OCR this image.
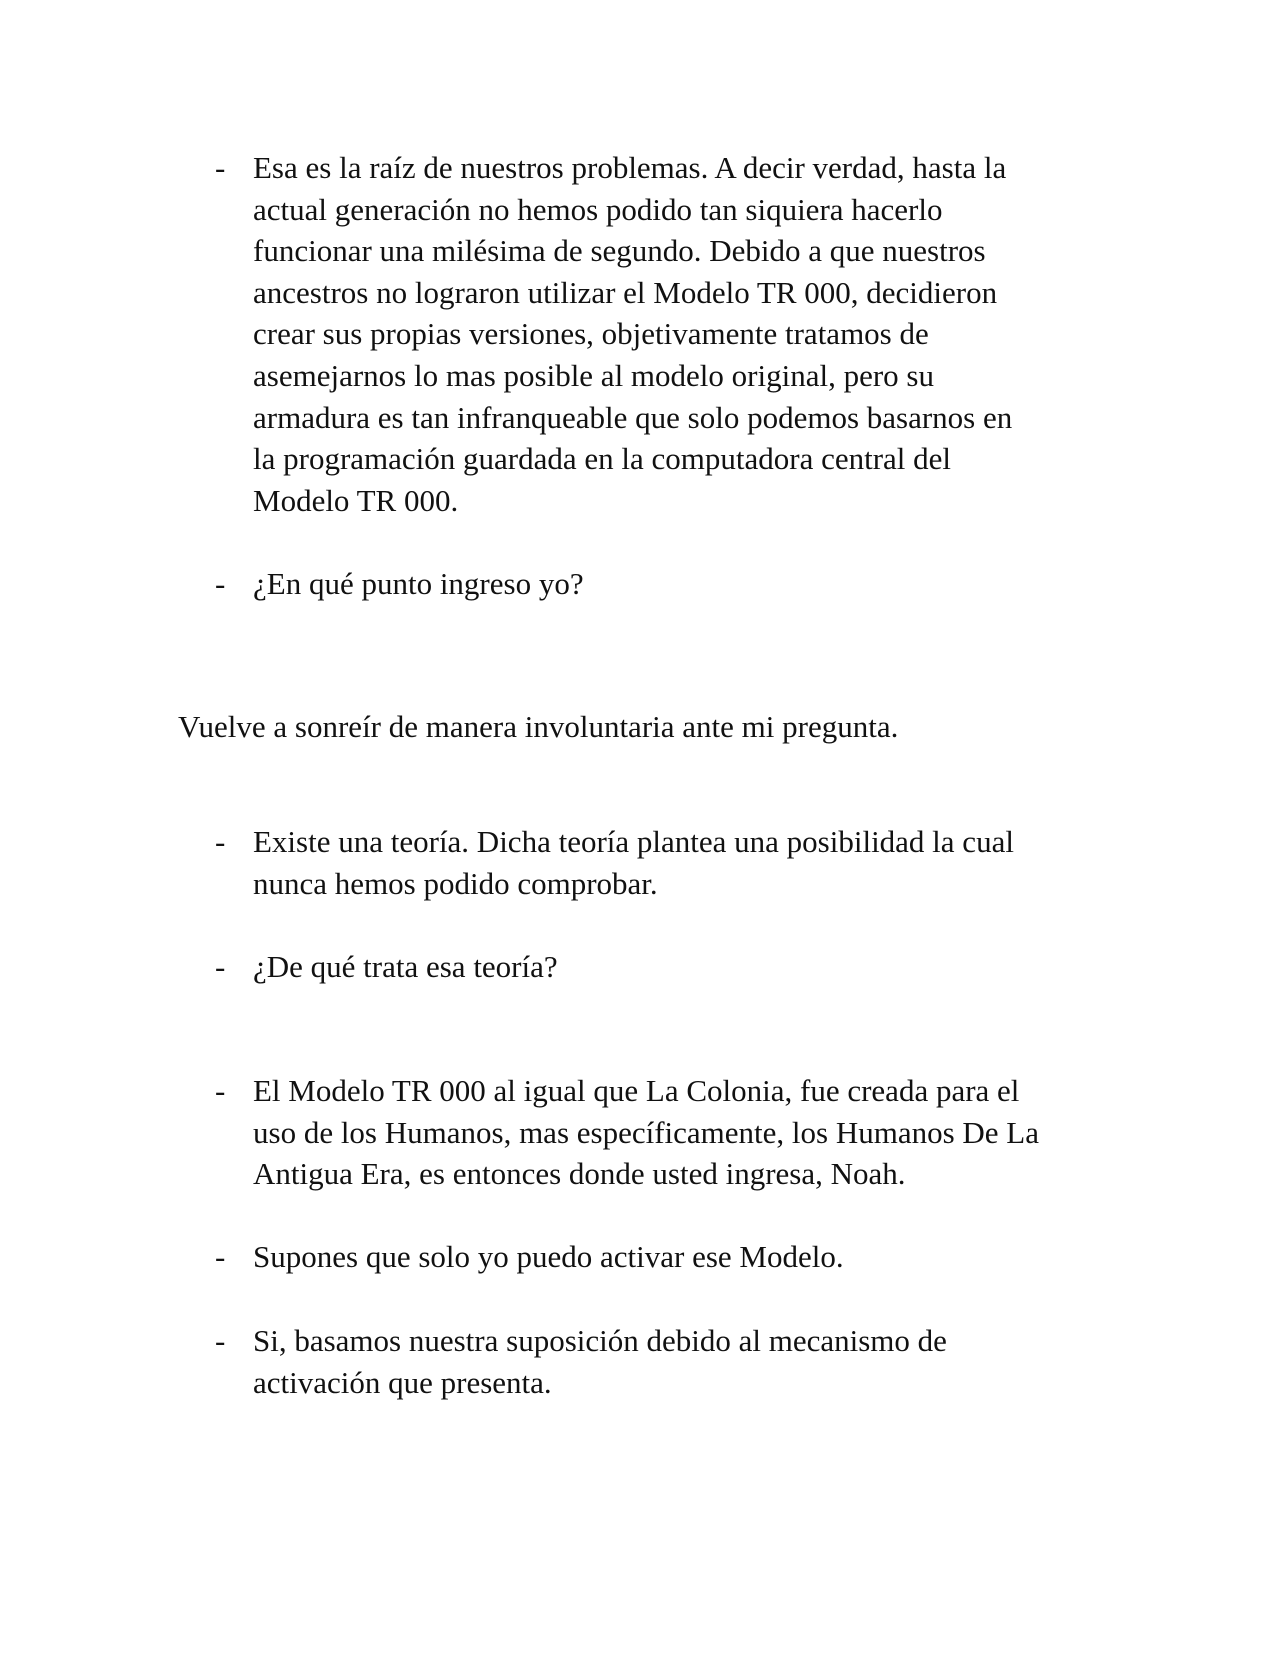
- Esa es la raíz de nuestros problemas. A decir verdad, hasta la
actual generación no hemos podido tan siquiera hacerlo
funcionar una milésima de segundo. Debido a que nuestros
ancestros no lograron utilizar el Modelo TR 000, decidieron
crear sus propias versiones, objetivamente tratamos de
asemejarnos lo mas posible al modelo original, pero su
armadura es tan infranqueable que solo podemos basarnos en
la programación guardada en la computadora central del
Modelo TR 000.
- ¿En qué punto ingreso yo?
Vuelve a sonreír de manera involuntaria ante mi pregunta.
- Existe una teoría. Dicha teoría plantea una posibilidad la cual
nunca hemos podido comprobar.
- ¿De qué trata esa teoría?
- El Modelo TR 000 al igual que La Colonia, fue creada para el
uso de los Humanos, mas específicamente, los Humanos De La
Antigua Era, es entonces donde usted ingresa, Noah.
- Supones que solo yo puedo activar ese Modelo.
- Si, basamos nuestra suposición debido al mecanismo de
activación que presenta.
